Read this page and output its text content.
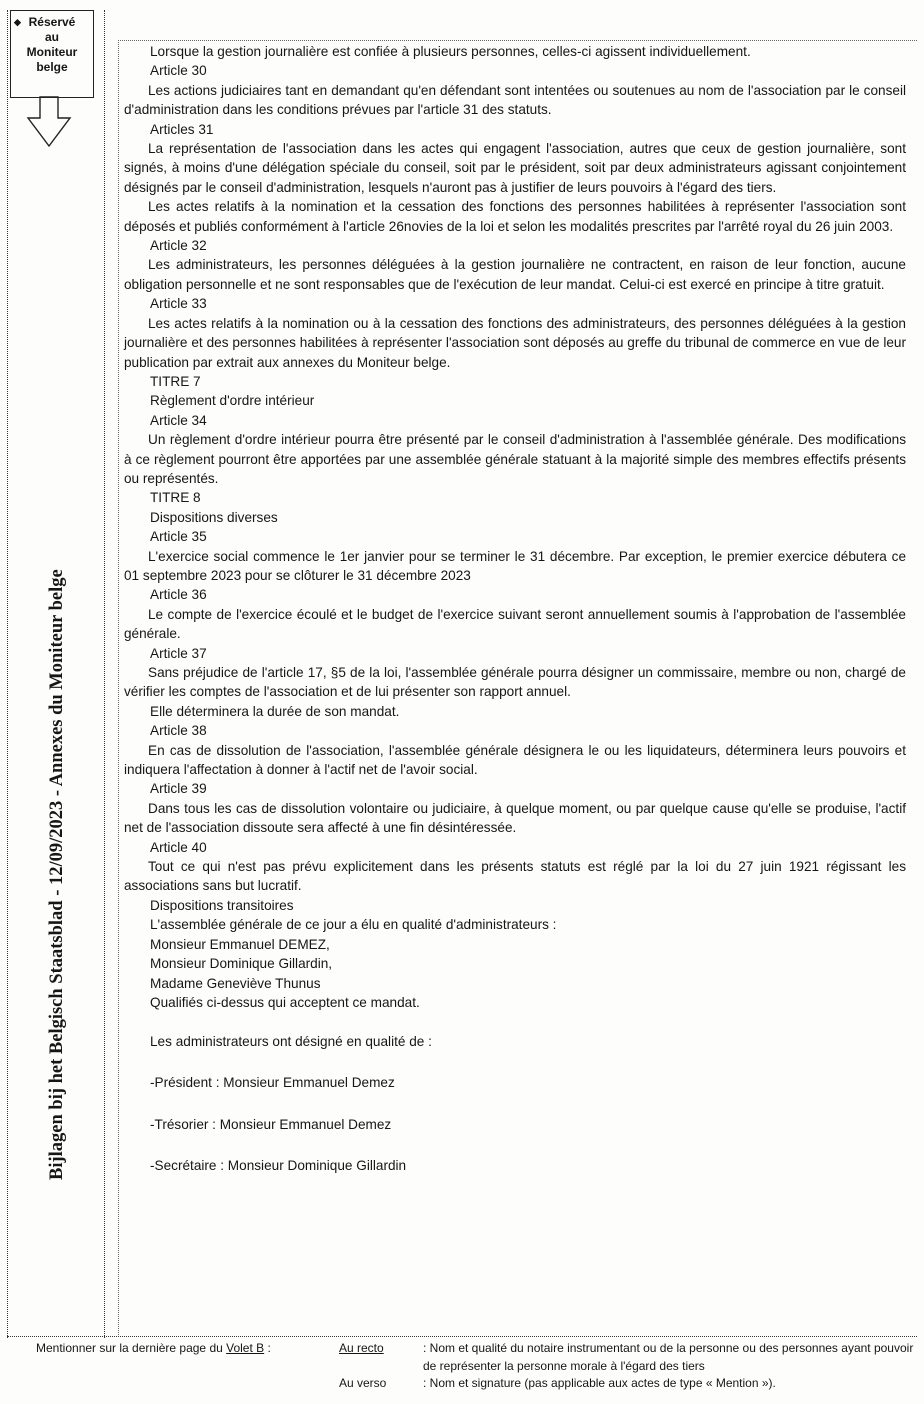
◆ Réservé
au
Moniteur
belge
Bijlagen bij het Belgisch Staatsblad - 12/09/2023 - Annexes du Moniteur belge

Lorsque la gestion journalière est confiée à plusieurs personnes, celles-ci agissent individuellement.

Article 30

Les actions judiciaires tant en demandant qu'en défendant sont intentées ou soutenues au nom de l'association par le conseil d'administration dans les conditions prévues par l'article 31 des statuts.

Articles 31

La représentation de l'association dans les actes qui engagent l'association, autres que ceux de gestion journalière, sont signés, à moins d'une délégation spéciale du conseil, soit par le président, soit par deux administrateurs agissant conjointement désignés par le conseil d'administration, lesquels n'auront pas à justifier de leurs pouvoirs à l'égard des tiers.

Les actes relatifs à la nomination et la cessation des fonctions des personnes habilitées à représenter l'association sont déposés et publiés conformément à l'article 26novies de la loi et selon les modalités prescrites par l'arrêté royal du 26 juin 2003.

Article 32

Les administrateurs, les personnes déléguées à la gestion journalière ne contractent, en raison de leur fonction, aucune obligation personnelle et ne sont responsables que de l'exécution de leur mandat. Celui-ci est exercé en principe à titre gratuit.

Article 33

Les actes relatifs à la nomination ou à la cessation des fonctions des administrateurs, des personnes déléguées à la gestion journalière et des personnes habilitées à représenter l'association sont déposés au greffe du tribunal de commerce en vue de leur publication par extrait aux annexes du Moniteur belge.

TITRE 7

Règlement d'ordre intérieur

Article 34

Un règlement d'ordre intérieur pourra être présenté par le conseil d'administration à l'assemblée générale. Des modifications à ce règlement pourront être apportées par une assemblée générale statuant à la majorité simple des membres effectifs présents ou représentés.

TITRE 8

Dispositions diverses

Article 35

L'exercice social commence le 1er janvier pour se terminer le 31 décembre. Par exception, le premier exercice débutera ce 01 septembre 2023 pour se clôturer le 31 décembre 2023

Article 36

Le compte de l'exercice écoulé et le budget de l'exercice suivant seront annuellement soumis à l'approbation de l'assemblée générale.

Article 37

Sans préjudice de l'article 17, §5 de la loi, l'assemblée générale pourra désigner un commissaire, membre ou non, chargé de vérifier les comptes de l'association et de lui présenter son rapport annuel.

Elle déterminera la durée de son mandat.

Article 38

En cas de dissolution de l'association, l'assemblée générale désignera le ou les liquidateurs, déterminera leurs pouvoirs et indiquera l'affectation à donner à l'actif net de l'avoir social.

Article 39

Dans tous les cas de dissolution volontaire ou judiciaire, à quelque moment, ou par quelque cause qu'elle se produise, l'actif net de l'association dissoute sera affecté à une fin désintéressée.

Article 40

Tout ce qui n'est pas prévu explicitement dans les présents statuts est réglé par la loi du 27 juin 1921 régissant les associations sans but lucratif.

Dispositions transitoires

L'assemblée générale de ce jour a élu en qualité d'administrateurs :

Monsieur Emmanuel DEMEZ,

Monsieur Dominique Gillardin,

Madame Geneviève Thunus

Qualifiés ci-dessus qui acceptent ce mandat.

Les administrateurs ont désigné en qualité de :

-Président : Monsieur Emmanuel Demez

-Trésorier : Monsieur Emmanuel Demez

-Secrétaire : Monsieur Dominique Gillardin

Mentionner sur la dernière page du Volet B :	Au recto	: Nom et qualité du notaire instrumentant ou de la personne ou des personnes ayant pouvoir de représenter la personne morale à l'égard des tiers
Au verso	: Nom et signature (pas applicable aux actes de type « Mention »).
